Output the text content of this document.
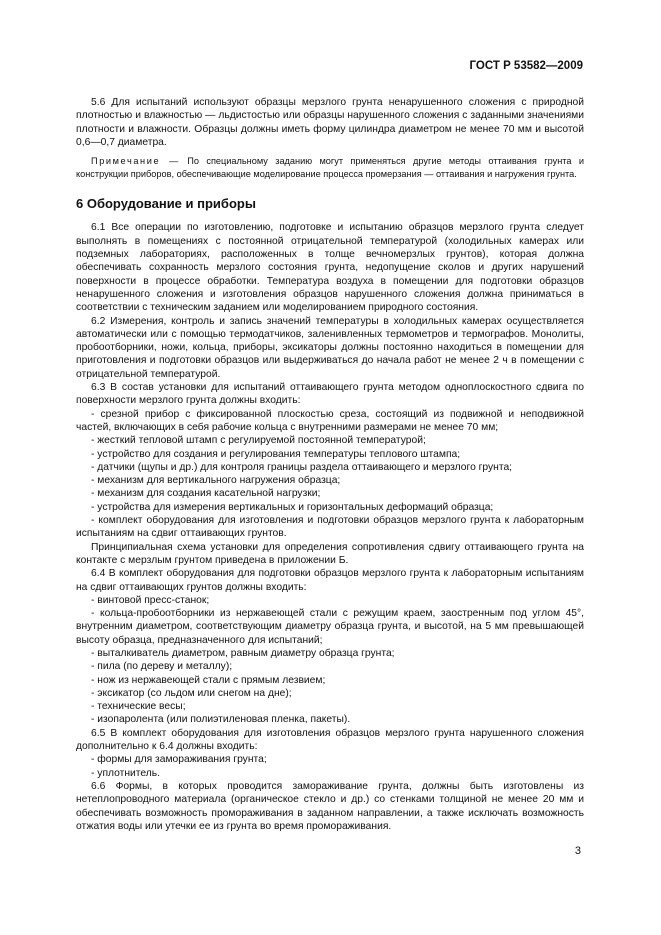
ГОСТ Р 53582—2009

5.6 Для испытаний используют образцы мерзлого грунта ненарушенного сложения с природной плотностью и влажностью — льдистостью или образцы нарушенного сложения с заданными значениями плотности и влажности. Образцы должны иметь форму цилиндра диаметром не менее 70 мм и высотой 0,6—0,7 диаметра.

Примечание — По специальному заданию могут применяться другие методы оттаивания грунта и конструкции приборов, обеспечивающие моделирование процесса промерзания — оттаивания и нагружения грунта.

6 Оборудование и приборы

6.1 Все операции по изготовлению, подготовке и испытанию образцов мерзлого грунта следует выполнять в помещениях с постоянной отрицательной температурой (холодильных камерах или подземных лабораториях, расположенных в толще вечномерзлых грунтов), которая должна обеспечивать сохранность мерзлого состояния грунта, недопущение сколов и других нарушений поверхности в процессе обработки. Температура воздуха в помещении для подготовки образцов ненарушенного сложения и изготовления образцов нарушенного сложения должна приниматься в соответствии с техническим заданием или моделированием природного состояния.

6.2 Измерения, контроль и запись значений температуры в холодильных камерах осуществляется автоматически или с помощью термодатчиков, заленивленных термометров и термографов. Монолиты, пробоотборники, ножи, кольца, приборы, эксикаторы должны постоянно находиться в помещении для приготовления и подготовки образцов или выдерживаться до начала работ не менее 2 ч в помещении с отрицательной температурой.

6.3 В состав установки для испытаний оттаивающего грунта методом одноплоскостного сдвига по поверхности мерзлого грунта должны входить:

- срезной прибор с фиксированной плоскостью среза, состоящий из подвижной и неподвижной частей, включающих в себя рабочие кольца с внутренними размерами не менее 70 мм;

- жесткий тепловой штамп с регулируемой постоянной температурой;

- устройство для создания и регулирования температуры теплового штампа;

- датчики (щупы и др.) для контроля границы раздела оттаивающего и мерзлого грунта;

- механизм для вертикального нагружения образца;

- механизм для создания касательной нагрузки;

- устройства для измерения вертикальных и горизонтальных деформаций образца;

- комплект оборудования для изготовления и подготовки образцов мерзлого грунта к лабораторным испытаниям на сдвиг оттаивающих грунтов.

Принципиальная схема установки для определения сопротивления сдвигу оттаивающего грунта на контакте с мерзлым грунтом приведена в приложении Б.

6.4 В комплект оборудования для подготовки образцов мерзлого грунта к лабораторным испытаниям на сдвиг оттаивающих грунтов должны входить:

- винтовой пресс-станок;

- кольца-пробоотборники из нержавеющей стали с режущим краем, заостренным под углом 45°, внутренним диаметром, соответствующим диаметру образца грунта, и высотой, на 5 мм превышающей высоту образца, предназначенного для испытаний;

- выталкиватель диаметром, равным диаметру образца грунта;

- пила (по дереву и металлу);

- нож из нержавеющей стали с прямым лезвием;

- эксикатор (со льдом или снегом на дне);

- технические весы;

- изопаролента (или полиэтиленовая пленка, пакеты).

6.5 В комплект оборудования для изготовления образцов мерзлого грунта нарушенного сложения дополнительно к 6.4 должны входить:

- формы для замораживания грунта;

- уплотнитель.

6.6 Формы, в которых проводится замораживание грунта, должны быть изготовлены из нетеплопроводного материала (органическое стекло и др.) со стенками толщиной не менее 20 мм и обеспечивать возможность промораживания в заданном направлении, а также исключать возможность отжатия воды или утечки ее из грунта во время промораживания.

3
